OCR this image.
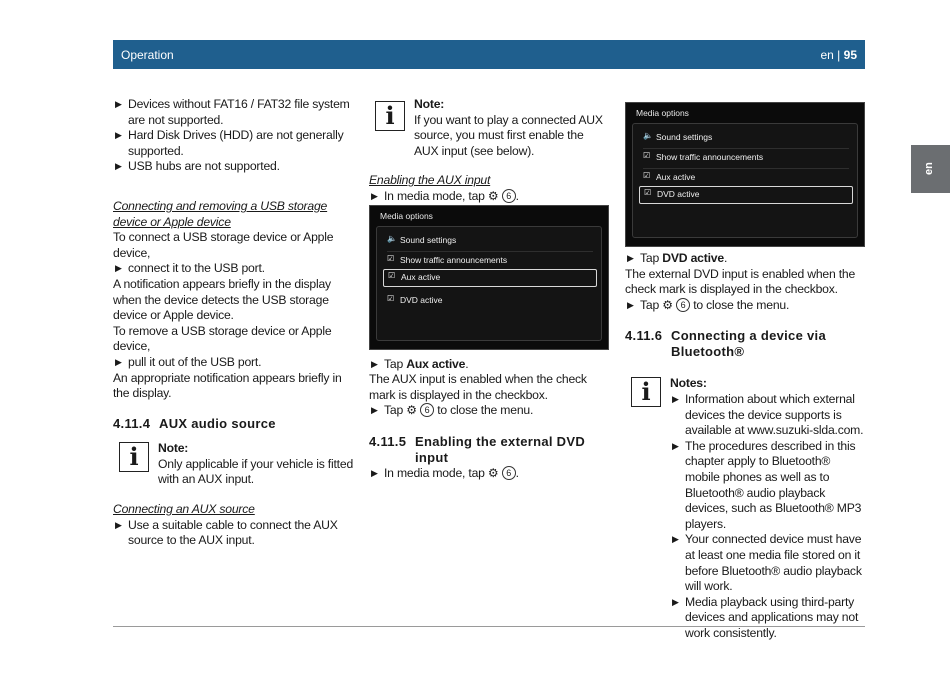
Operation	en | 95
en

▶ Devices without FAT16 / FAT32 file system are not supported.

▶ Hard Disk Drives (HDD) are not generally supported.

▶ USB hubs are not supported.

Connecting and removing a USB storage device or Apple device

To connect a USB storage device or Apple device,

▶ connect it to the USB port.

A notification appears briefly in the display when the device detects the USB storage device or Apple device.

To remove a USB storage device or Apple device,

▶ pull it out of the USB port.

An appropriate notification appears briefly in the display.

4.11.4 AUX audio source

i	Note:

Only applicable if your vehicle is fitted with an AUX input.

Connecting an AUX source

▶ Use a suitable cable to connect the AUX source to the AUX input.

i	Note:

If you want to play a connected AUX source, you must first enable the AUX input (see below).

Enabling the AUX input

▶ In media mode, tap ⚙ 6 .

▶ Tap Aux active.

The AUX input is enabled when the check mark is displayed in the checkbox.

▶ Tap ⚙ 6 to close the menu.

4.11.5 Enabling the external DVD input

▶ In media mode, tap ⚙ 6 .

▶ Tap DVD active.

The external DVD input is enabled when the check mark is displayed in the checkbox.

▶ Tap ⚙ 6 to close the menu.

4.11.6 Connecting a device via Bluetooth®

i	Notes:

▶ Information about which external devices the device supports is available at www.suzuki-slda.com.

▶ The procedures described in this chapter apply to Bluetooth® mobile phones as well as to Bluetooth® audio playback devices, such as Bluetooth® MP3 players.

▶ Your connected device must have at least one media file stored on it before Bluetooth® audio playback will work.

▶ Media playback using third-party devices and applications may not work consistently.

Media options
🔈 Sound settings
☑ Show traffic announcements
☑ Aux active
☑ DVD active
Media options
🔈 Sound settings
☑ Show traffic announcements
☑ Aux active
☑ DVD active
